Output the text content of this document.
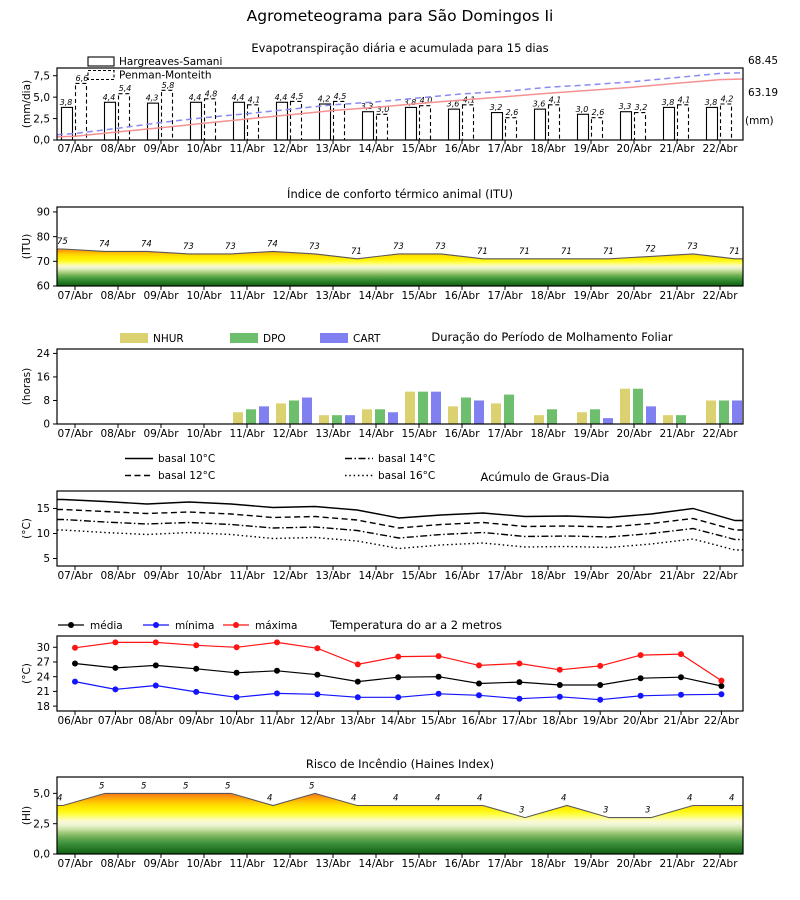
Agrometeograma para São Domingos Ii
3,8
6,6
4,4
5,4
4,3
5,8
4,4 4,8 4,4 4,1 4,4 4,5 4,2 4,5
3,3 3,0
3,8 4,0 3,6 4,1
3,2
2,6
3,6 4,1
3,0 2,6
3,3 3,2
3,8 4,1 3,8 4,2
68.45
63.19
(mm)
Hargreaves-Samani
Penman-Monteith
0,0
2,5
5,0
7,5
(mm/dia)
07/Abr 08/Abr 09/Abr 10/Abr 11/Abr 12/Abr 13/Abr 14/Abr 15/Abr 16/Abr 17/Abr 18/Abr 19/Abr 20/Abr 21/Abr 22/Abr
Evapotranspiração diária e acumulada para 15 dias
75	74	74	73	73	74	73	71	73	73	71	71	71	71	72	73	71
60
70
80
90
(ITU)
07/Abr 08/Abr 09/Abr 10/Abr 11/Abr 12/Abr 13/Abr 14/Abr 15/Abr 16/Abr 17/Abr 18/Abr 19/Abr 20/Abr 21/Abr 22/Abr
Índice de conforto térmico animal (ITU)
NHUR	DPO	CART
0
8
16
24
(horas)
07/Abr 08/Abr 09/Abr 10/Abr 11/Abr 12/Abr 13/Abr 14/Abr 15/Abr 16/Abr 17/Abr 18/Abr 19/Abr 20/Abr 21/Abr 22/Abr
Duração do Período de Molhamento Foliar
basal 10°C
basal 12°C
basal 14°C
basal 16°C
5
10
15
(°C)
07/Abr 08/Abr 09/Abr 10/Abr 11/Abr 12/Abr 13/Abr 14/Abr 15/Abr 16/Abr 17/Abr 18/Abr 19/Abr 20/Abr 21/Abr 22/Abr
Acúmulo de Graus-Dia
média	mínima	máxima
18
21
24
27
30
(°C)
06/Abr 07/Abr 08/Abr 09/Abr 10/Abr 11/Abr 12/Abr 13/Abr 14/Abr 15/Abr 16/Abr 17/Abr 18/Abr 19/Abr 20/Abr 21/Abr 22/Abr
Temperatura do ar a 2 metros
4
5	5	5	5
4
5
4	4	4	4
3
4
3	3
4	4
0,0
2,5
5,0
(HI)
07/Abr 08/Abr 09/Abr 10/Abr 11/Abr 12/Abr 13/Abr 14/Abr 15/Abr 16/Abr 17/Abr 18/Abr 19/Abr 20/Abr 21/Abr 22/Abr
Risco de Incêndio (Haines Index)
